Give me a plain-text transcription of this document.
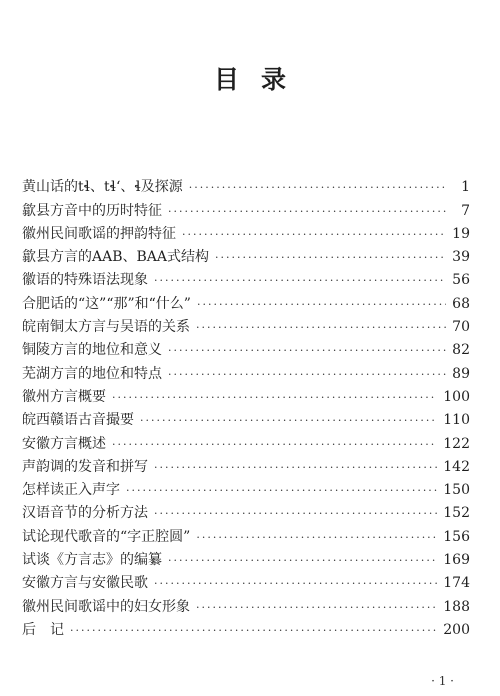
目 录
黄山话的tɬ、tɬʻ、ɬ及探源 ·····	1
歙县方音中的历时特征 ·····	7
徽州民间歌谣的押韵特征 ·····	19
歙县方言的AAB、BAA式结构 ·····	39
徽语的特殊语法现象 ·····	56
合肥话的“这”“那”和“什么” ·····	68
皖南铜太方言与吴语的关系 ·····	70
铜陵方言的地位和意义 ·····	82
芜湖方言的地位和特点 ·····	89
徽州方言概要 ·····	100
皖西赣语古音撮要 ·····	110
安徽方言概述 ·····	122
声韵调的发音和拼写 ·····	142
怎样读正入声字 ·····	150
汉语音节的分析方法 ·····	152
试论现代歌音的“字正腔圆” ·····	156
试谈《方言志》的编纂 ·····	169
安徽方言与安徽民歌 ·····	174
徽州民间歌谣中的妇女形象 ·····	188
后　记 ·····	200
· 1 ·
